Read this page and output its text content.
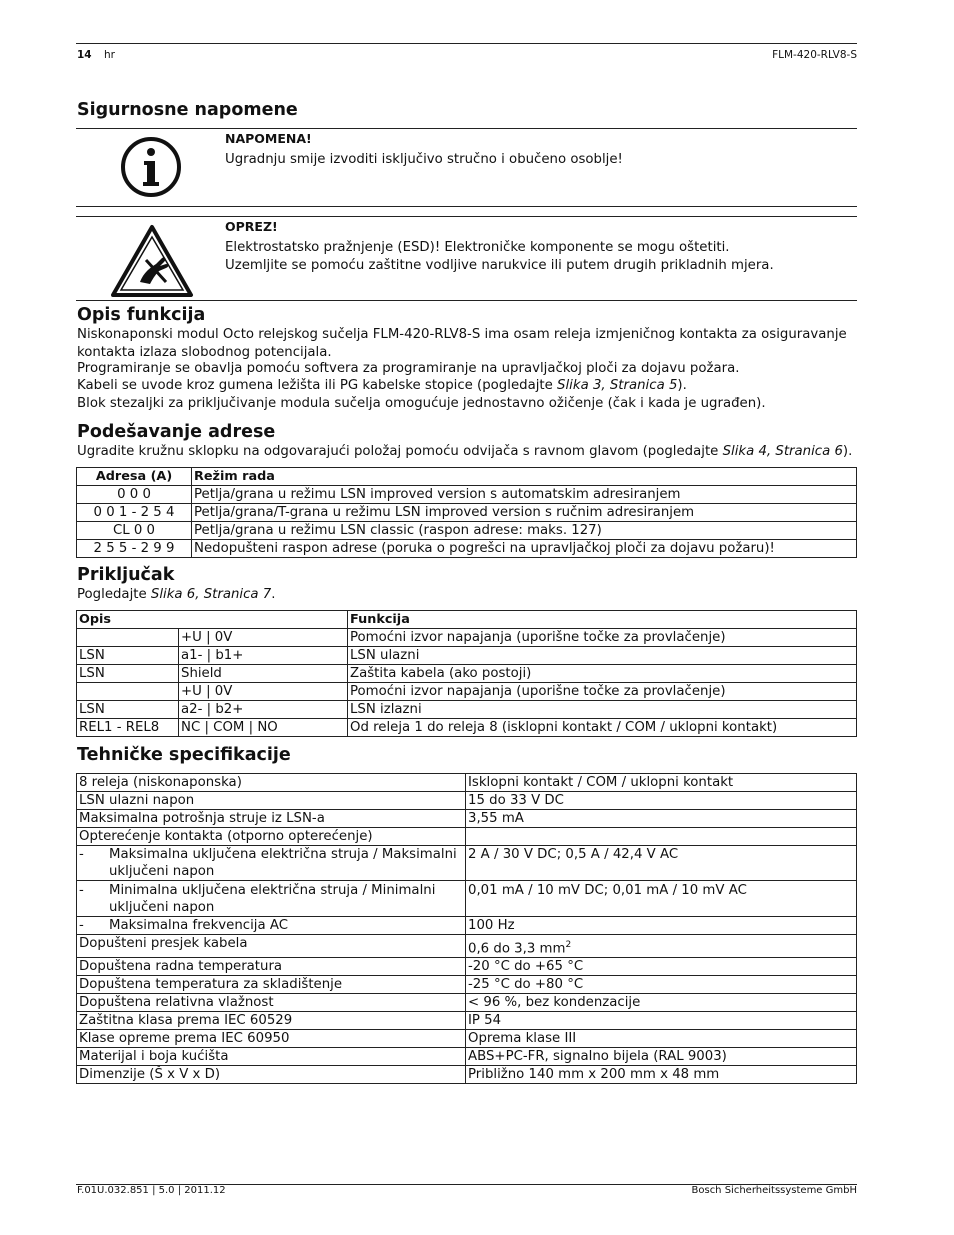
14 hr	FLM-420-RLV8-S
Sigurnosne napomene
NAPOMENA!
Ugradnju smije izvoditi isključivo stručno i obučeno osoblje!
OPREZ!
Elektrostatsko pražnjenje (ESD)! Elektroničke komponente se mogu oštetiti.
Uzemljite se pomoću zaštitne vodljive narukvice ili putem drugih prikladnih mjera.
Opis funkcija

Niskonaponski modul Octo relejskog sučelja FLM-420-RLV8-S ima osam releja izmjeničnog kontakta za osiguravanje kontakta izlaza slobodnog potencijala.

Programiranje se obavlja pomoću softvera za programiranje na upravljačkoj ploči za dojavu požara.

Kabeli se uvode kroz gumena ležišta ili PG kabelske stopice (pogledajte Slika 3, Stranica 5).

Blok stezaljki za priključivanje modula sučelja omogućuje jednostavno ožičenje (čak i kada je ugrađen).

Podešavanje adrese

Ugradite kružnu sklopku na odgovarajući položaj pomoću odvijača s ravnom glavom (pogledajte Slika 4, Stranica 6).

Adresa (A)	Režim rada
0 0 0	Petlja/grana u režimu LSN improved version s automatskim adresiranjem
0 0 1 - 2 5 4	Petlja/grana/T-grana u režimu LSN improved version s ručnim adresiranjem
CL 0 0	Petlja/grana u režimu LSN classic (raspon adrese: maks. 127)
2 5 5 - 2 9 9	Nedopušteni raspon adrese (poruka o pogrešci na upravljačkoj ploči za dojavu požaru)!
Priključak

Pogledajte Slika 6, Stranica 7.

Opis		Funkcija
	+U | 0V	Pomoćni izvor napajanja (uporišne točke za provlačenje)
LSN	a1- | b1+	LSN ulazni
LSN	Shield	Zaštita kabela (ako postoji)
	+U | 0V	Pomoćni izvor napajanja (uporišne točke za provlačenje)
LSN	a2- | b2+	LSN izlazni
REL1 - REL8	NC | COM | NO	Od releja 1 do releja 8 (isklopni kontakt / COM / uklopni kontakt)
Tehničke specifikacije
8 releja (niskonaponska)	Isklopni kontakt / COM / uklopni kontakt
LSN ulazni napon	15 do 33 V DC
Maksimalna potrošnja struje iz LSN-a	3,55 mA
Opterećenje kontakta (otporno opterećenje)	
- Maksimalna uključena električna struja / Maksimalni
uključeni napon	2 A / 30 V DC; 0,5 A / 42,4 V AC
- Minimalna uključena električna struja / Minimalni
uključeni napon	0,01 mA / 10 mV DC; 0,01 mA / 10 mV AC
- Maksimalna frekvencija AC	100 Hz
Dopušteni presjek kabela	0,6 do 3,3 $mm^2$
Dopuštena radna temperatura	-20 °C do +65 °C
Dopuštena temperatura za skladištenje	-25 °C do +80 °C
Dopuštena relativna vlažnost	< 96 %, bez kondenzacije
Zaštitna klasa prema IEC 60529	IP 54
Klase opreme prema IEC 60950	Oprema klase III
Materijal i boja kućišta	ABS+PC-FR, signalno bijela (RAL 9003)
Dimenzije (Š x V x D)	Približno 140 mm x 200 mm x 48 mm
F.01U.032.851 | 5.0 | 2011.12	Bosch Sicherheitssysteme GmbH
